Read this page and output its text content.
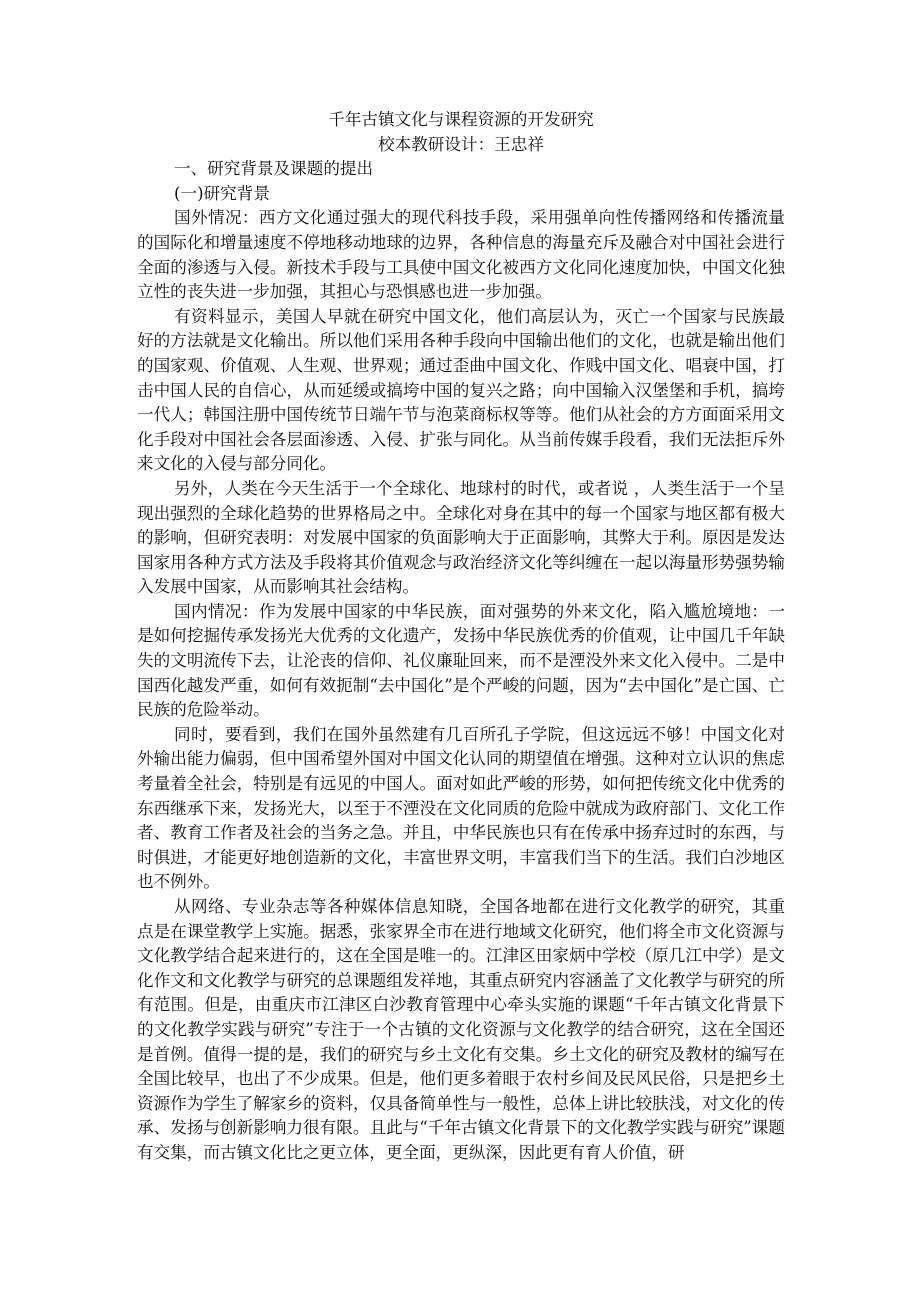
千年古镇文化与课程资源的开发研究

校本教研设计：王忠祥

一、研究背景及课题的提出

(一)研究背景

国外情况：西方文化通过强大的现代科技手段，采用强单向性传播网络和传播流量的国际化和增量速度不停地移动地球的边界，各种信息的海量充斥及融合对中国社会进行全面的渗透与入侵。新技术手段与工具使中国文化被西方文化同化速度加快，中国文化独立性的丧失进一步加强，其担心与恐惧感也进一步加强。

有资料显示，美国人早就在研究中国文化，他们高层认为，灭亡一个国家与民族最好的方法就是文化输出。所以他们采用各种手段向中国输出他们的文化，也就是输出他们的国家观、价值观、人生观、世界观；通过歪曲中国文化、作贱中国文化、唱衰中国，打击中国人民的自信心，从而延缓或搞垮中国的复兴之路；向中国输入汉堡堡和手机，搞垮一代人；韩国注册中国传统节日端午节与泡菜商标权等等。他们从社会的方方面面采用文化手段对中国社会各层面渗透、入侵、扩张与同化。从当前传媒手段看，我们无法拒斥外来文化的入侵与部分同化。

另外，人类在今天生活于一个全球化、地球村的时代，或者说 ，人类生活于一个呈现出强烈的全球化趋势的世界格局之中。全球化对身在其中的每一个国家与地区都有极大的影响，但研究表明：对发展中国家的负面影响大于正面影响，其弊大于利。原因是发达国家用各种方式方法及手段将其价值观念与政治经济文化等纠缠在一起以海量形势强势输入发展中国家，从而影响其社会结构。

国内情况：作为发展中国家的中华民族，面对强势的外来文化，陷入尴尬境地：一是如何挖掘传承发扬光大优秀的文化遗产，发扬中华民族优秀的价值观，让中国几千年缺失的文明流传下去，让沦丧的信仰、礼仪廉耻回来，而不是湮没外来文化入侵中。二是中国西化越发严重，如何有效扼制“去中国化”是个严峻的问题，因为“去中国化”是亡国、亡民族的危险举动。

同时，要看到，我们在国外虽然建有几百所孔子学院，但这远远不够！中国文化对外输出能力偏弱，但中国希望外国对中国文化认同的期望值在增强。这种对立认识的焦虑考量着全社会，特别是有远见的中国人。面对如此严峻的形势，如何把传统文化中优秀的东西继承下来，发扬光大，以至于不湮没在文化同质的危险中就成为政府部门、文化工作者、教育工作者及社会的当务之急。并且，中华民族也只有在传承中扬弃过时的东西，与时俱进，才能更好地创造新的文化，丰富世界文明，丰富我们当下的生活。我们白沙地区也不例外。

从网络、专业杂志等各种媒体信息知晓，全国各地都在进行文化教学的研究，其重点是在课堂教学上实施。据悉，张家界全市在进行地域文化研究，他们将全市文化资源与文化教学结合起来进行的，这在全国是唯一的。江津区田家炳中学校（原几江中学）是文化作文和文化教学与研究的总课题组发祥地，其重点研究内容涵盖了文化教学与研究的所有范围。但是，由重庆市江津区白沙教育管理中心牵头实施的课题“千年古镇文化背景下的文化教学实践与研究”专注于一个古镇的文化资源与文化教学的结合研究，这在全国还是首例。值得一提的是，我们的研究与乡土文化有交集。乡土文化的研究及教材的编写在全国比较早，也出了不少成果。但是，他们更多着眼于农村乡间及民风民俗，只是把乡土资源作为学生了解家乡的资料，仅具备简单性与一般性，总体上讲比较肤浅，对文化的传承、发扬与创新影响力很有限。且此与“千年古镇文化背景下的文化教学实践与研究”课题有交集，而古镇文化比之更立体，更全面，更纵深，因此更有育人价值，研
